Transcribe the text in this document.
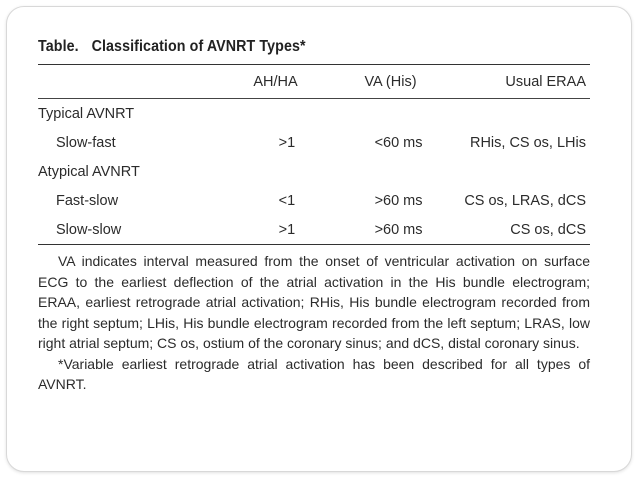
Table. Classification of AVNRT Types*
	AH/HA	VA (His)	Usual ERAA
Typical AVNRT			
Slow-fast	>1	<60 ms	RHis, CS os, LHis
Atypical AVNRT			
Fast-slow	<1	>60 ms	CS os, LRAS, dCS
Slow-slow	>1	>60 ms	CS os, dCS

VA indicates interval measured from the onset of ventricular activation on surface ECG to the earliest deflection of the atrial activation in the His bundle electrogram; ERAA, earliest retrograde atrial activation; RHis, His bundle electrogram recorded from the right septum; LHis, His bundle electrogram recorded from the left septum; LRAS, low right atrial septum; CS os, ostium of the coronary sinus; and dCS, distal coronary sinus.

*Variable earliest retrograde atrial activation has been described for all types of AVNRT.
